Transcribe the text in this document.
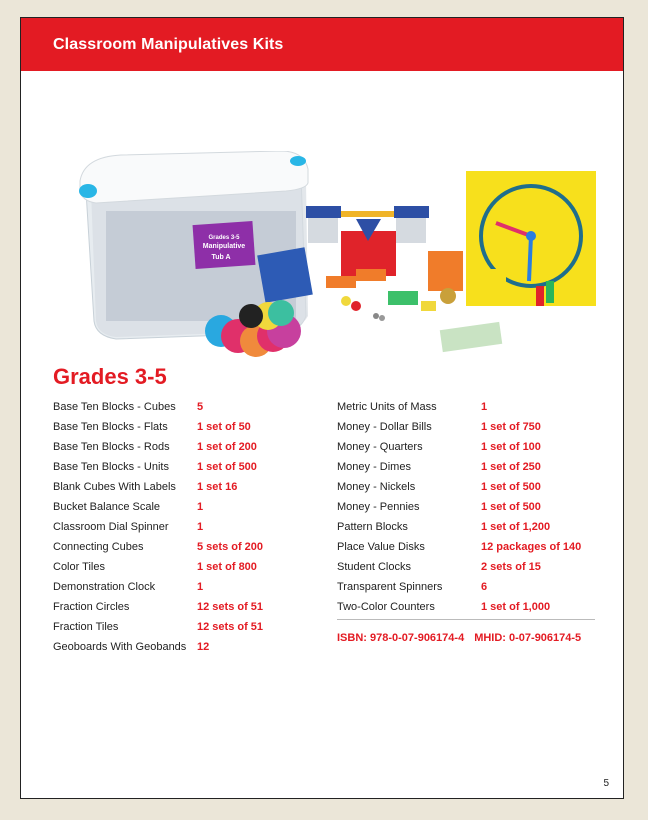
Classroom Manipulatives Kits
Grades 3-5
Manipulative
Tub A
Grades 3-5
Base Ten Blocks - Cubes	5
Base Ten Blocks - Flats	1 set of 50
Base Ten Blocks - Rods	1 set of 200
Base Ten Blocks - Units	1 set of 500
Blank Cubes With Labels	1 set 16
Bucket Balance Scale	1
Classroom Dial Spinner	1
Connecting Cubes	5 sets of 200
Color Tiles	1 set of 800
Demonstration Clock	1
Fraction Circles	12 sets of 51
Fraction Tiles	12 sets of 51
Geoboards With Geobands 12
Metric Units of Mass	1
Money - Dollar Bills	1 set of 750
Money - Quarters	1 set of 100
Money - Dimes	1 set of 250
Money - Nickels	1 set of 500
Money - Pennies	1 set of 500
Pattern Blocks	1 set of 1,200
Place Value Disks	12 packages of 140
Student Clocks	2 sets of 15
Transparent Spinners	6
Two-Color Counters	1 set of 1,000
ISBN: 978-0-07-906174-4 MHID: 0-07-906174-5
5
